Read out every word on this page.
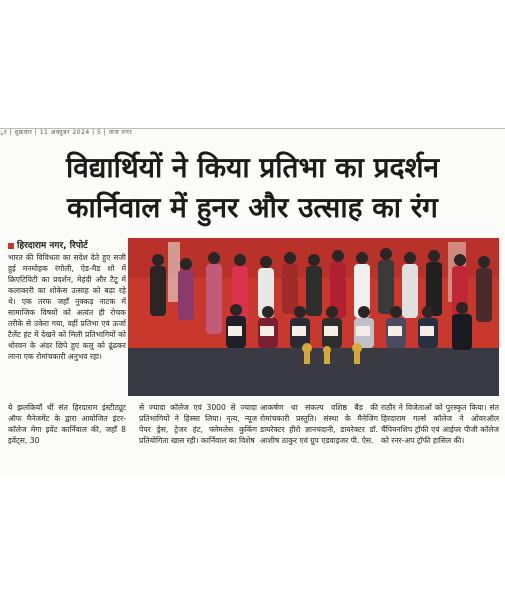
ूर | शुक्रवार | 11 अक्टूबर 2024 | 5 | ताज नगर
विद्यार्थियों ने किया प्रतिभा का प्रदर्शन
कार्निवाल में हुनर और उत्साह का रंग
हिरदाराम नगर, रिपोर्ट
भारत की विविधता का सदेश देते हुए सजी हुई मनमोहक रंगोली, ऐड-मैड शो में क्रिएटिविटी का प्रदर्शन, मेहंदी और टैटू में कलाकारी का शोकेस उत्साह को बढ़ा रहे थे। एक तरफ जहाँ नुक्कड़ नाटक में सामाजिक विषयों को अत्यंत ही रोचक तरीके से उकेरा गया, वहीं प्रतिभा एवं ऊर्जा टैलेंट हंट में देखने को मिली प्रतिभागियों को थोरवन के अंदर छिपे हुए कलु को ढूंढकर लाना एक रोमांचकारी अनुभव रहा।
ये झलकियाँ थीं संत हिरदाराम इंस्टीट्यूट ऑफ मैनेजमेंट के द्वारा आयोजित इंटर-कॉलेज मेगा इवेंट कार्निवाल की, जहाँ 8 इवेंट्स, 30
से ज्यादा कॉलेज एवं 3000 से ज्यादा प्रतिभागियों ने हिस्सा लिया। नृत्य, न्यूज पेपर ड्रेस, ट्रेजर हंट, फ्लेमलेस कुकिंग प्रतियोगिता खास रही। कार्निवाल का विशेष
आकर्षण था संकल्प वशिष्ठ बैंड की रोमांचकारी प्रस्तुति। संस्था के मैनेजिंग डायरेक्टर हीरो ज्ञानचंदानी, डायरेक्टर डॉ. आशीष ठाकुर एवं ग्रुप एडवाइजर पी. ऐस.
राठौर ने विजेताओं को पुरस्कृत किया। संत हिरदाराम गर्ल्स कॉलेज ने ओवरऑल चैंपियनशिप ट्रॉफी एवं आईपर पीजी कॉलेज को रनर-अप ट्रॉफी हासिल की।
